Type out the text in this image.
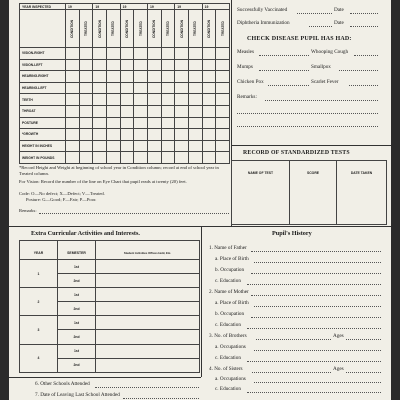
YEAR INSPECTED	19		19		19		19		19		19	

	CONDITION	TREATED	CONDITION	TREATED	CONDITION	TREATED	CONDITION	TREATED	CONDITION	TREATED	CONDITION	TREATED

VISION-RIGHT												
VISION-LEFT												
HEARING-RIGHT												
HEARING-LEFT												
TEETH												
THROAT												
POSTURE												
*GROWTH												
HEIGHT IN INCHES												
WEIGHT IN POUNDS												
*Record Height and Weight at beginning of school year in Condition column; record at end of school year in Treated column.
For Vision: Record the number of the line on Eye Chart that pupil reads at twenty (20) feet.
Code: O—No defect; X—Defect; V—Treated.
Posture: G—Good; F—Fair; P—Poor.
Remarks:
Successfully Vaccinated	Date
Diphtheria Immunization	Date
CHECK DISEASE PUPIL HAS HAD:
Measles	Whooping Cough
Mumps	Smallpox
Chicken Pox	Scarlet Fever
Remarks:
RECORD OF STANDARDIZED TESTS
NAME OF TEST	SCORE	DATE TAKEN
Extra Curricular Activities and Interests.
YEAR	SEMESTER	Student Activities Offices Held, Etc.
1	1st	
	2nd	
2	1st	
	2nd	
3	1st	
	2nd	
4	1st	
	2nd	
Pupil's History
1. Name of Father
a. Place of Birth
b. Occupation
c. Education
2. Name of Mother
a. Place of Birth
b. Occupation
c. Education
3. No. of Brothers	Ages
a. Occupations
c. Education
4. No. of Sisters	Ages
a. Occupations
c. Education
6. Other Schools Attended
7. Date of Leaving Last School Attended
